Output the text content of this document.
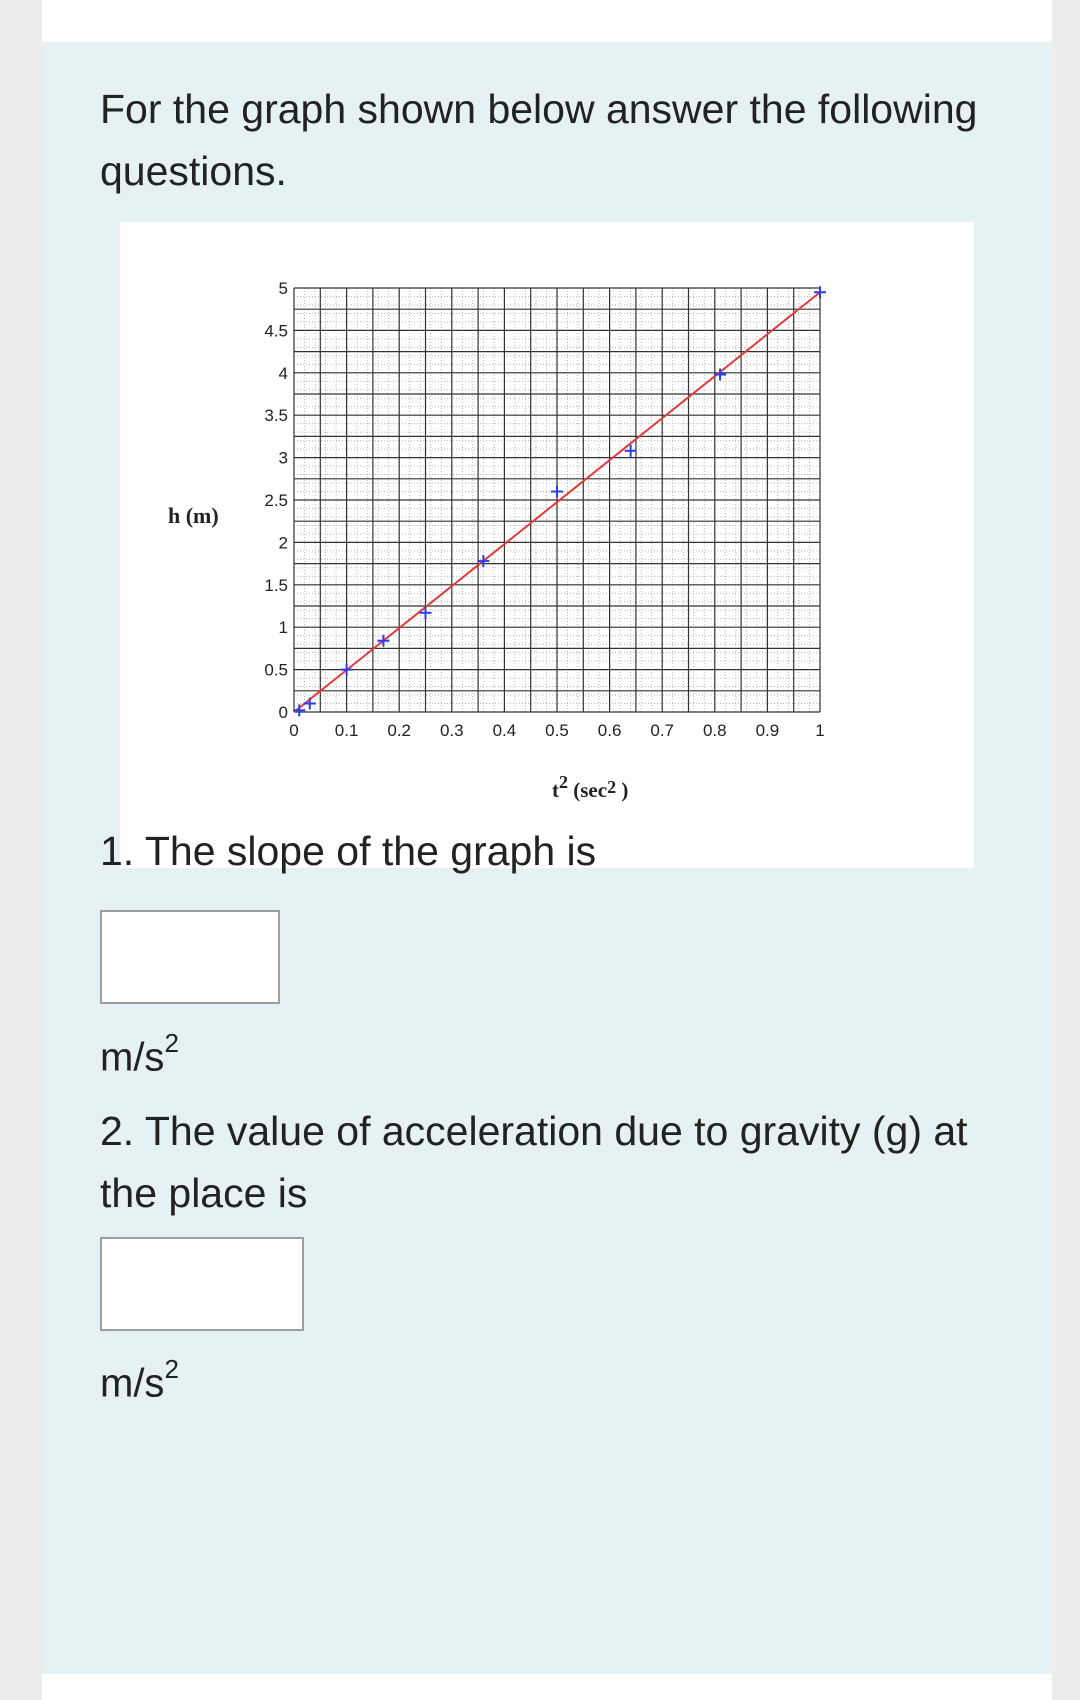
For the graph shown below answer the following questions.
0
0.5
1
1.5
2
2.5
3
3.5
4
4.5
5
0 0.1 0.2 0.3 0.4 0.5 0.6 0.7 0.8 0.9 1
h (m)
t2 (sec2 )
1. The slope of the graph is
$m/s^2$
2. The value of acceleration due to gravity (g) at the place is
$m/s^2$
